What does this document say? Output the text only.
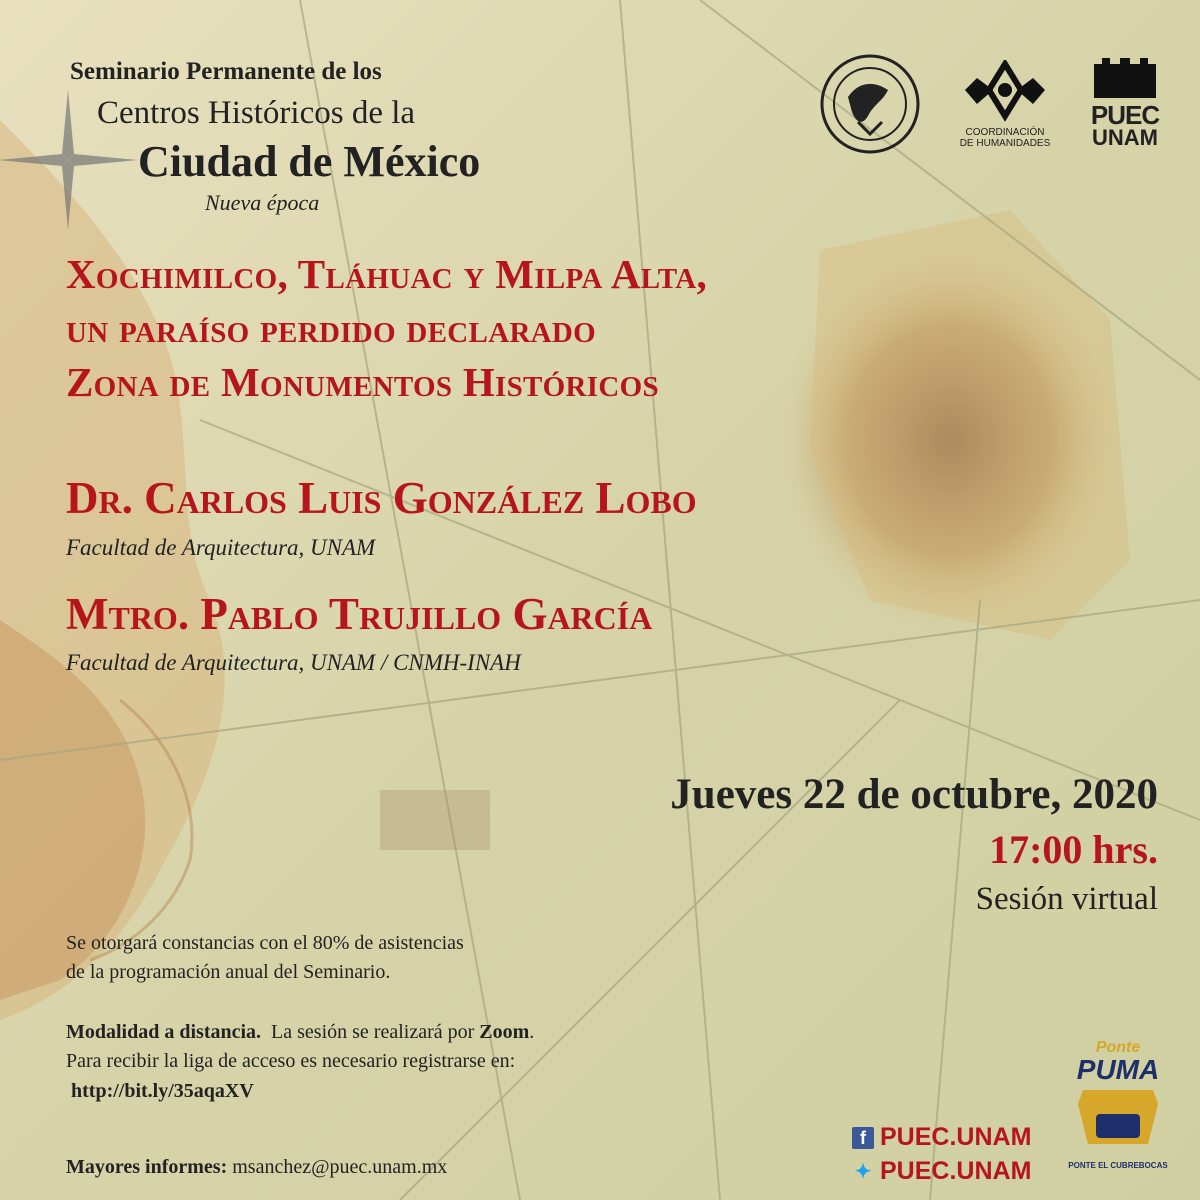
Seminario Permanente de los
Centros Históricos de la
Ciudad de México
Nueva época
COORDINACIÓN
DE HUMANIDADES
PUEC
UNAM
Xochimilco, Tláhuac y Milpa Alta,
un paraíso perdido declarado
Zona de Monumentos Históricos
Dr. Carlos Luis González Lobo
Facultad de Arquitectura, UNAM
Mtro. Pablo Trujillo García
Facultad de Arquitectura, UNAM / CNMH-INAH
Jueves 22 de octubre, 2020
17:00 hrs.
Sesión virtual
Se otorgará constancias con el 80% de asistencias
de la programación anual del Seminario.
Modalidad a distancia.  La sesión se realizará por Zoom.
Para recibir la liga de acceso es necesario registrarse en:
http://bit.ly/35aqaXV
Mayores informes: msanchez@puec.unam.mx
f PUEC.UNAM
✦ PUEC.UNAM
Ponte
PUMA
PONTE EL CUBREBOCAS
